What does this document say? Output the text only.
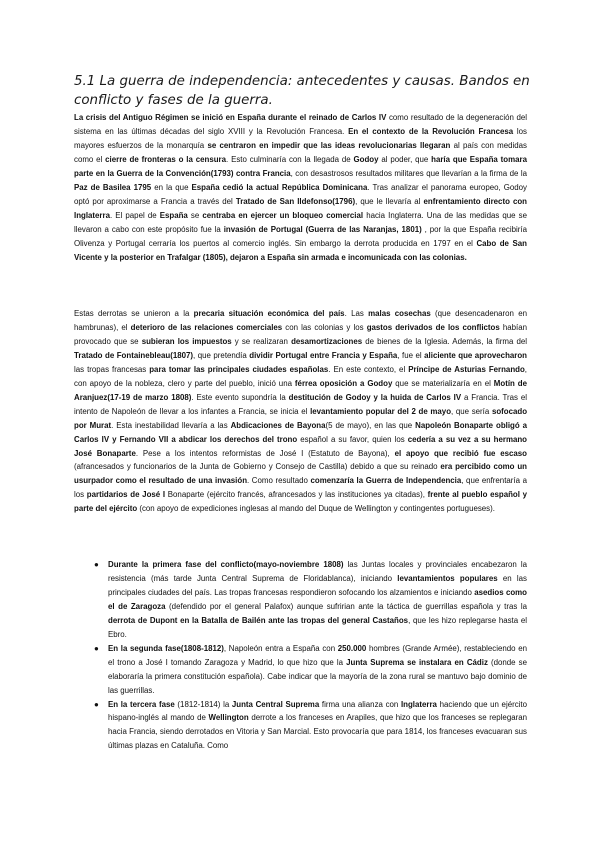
5.1 La guerra de independencia: antecedentes y causas. Bandos en conflicto y fases de la guerra.

La crisis del Antiguo Régimen se inició en España durante el reinado de Carlos IV como resultado de la degeneración del sistema en las últimas décadas del siglo XVIII y la Revolución Francesa. En el contexto de la Revolución Francesa los mayores esfuerzos de la monarquía se centraron en impedir que las ideas revolucionarias llegaran al país con medidas como el cierre de fronteras o la censura. Esto culminaría con la llegada de Godoy al poder, que haría que España tomara parte en la Guerra de la Convención(1793) contra Francia, con desastrosos resultados militares que llevarían a la firma de la Paz de Basilea 1795 en la que España cedió la actual República Dominicana. Tras analizar el panorama europeo, Godoy optó por aproximarse a Francia a través del Tratado de San Ildefonso(1796), que le llevaría al enfrentamiento directo con Inglaterra. El papel de España se centraba en ejercer un bloqueo comercial hacia Inglaterra. Una de las medidas que se llevaron a cabo con este propósito fue la invasión de Portugal (Guerra de las Naranjas, 1801) , por la que España recibiría Olivenza y Portugal cerraría los puertos al comercio inglés. Sin embargo la derrota producida en 1797 en el Cabo de San Vicente y la posterior en Trafalgar (1805), dejaron a España sin armada e incomunicada con las colonias.

Estas derrotas se unieron a la precaria situación económica del país. Las malas cosechas (que desencadenaron en hambrunas), el deterioro de las relaciones comerciales con las colonias y los gastos derivados de los conflictos habían provocado que se subieran los impuestos y se realizaran desamortizaciones de bienes de la Iglesia. Además, la firma del Tratado de Fontainebleau(1807), que pretendía dividir Portugal entre Francia y España, fue el aliciente que aprovecharon las tropas francesas para tomar las principales ciudades españolas. En este contexto, el Príncipe de Asturias Fernando, con apoyo de la nobleza, clero y parte del pueblo, inició una férrea oposición a Godoy que se materializaría en el Motín de Aranjuez(17-19 de marzo 1808). Este evento supondría la destitución de Godoy y la huida de Carlos IV a Francia. Tras el intento de Napoleón de llevar a los infantes a Francia, se inicia el levantamiento popular del 2 de mayo, que sería sofocado por Murat. Esta inestabilidad llevaría a las Abdicaciones de Bayona(5 de mayo), en las que Napoleón Bonaparte obligó a Carlos IV y Fernando VII a abdicar los derechos del trono español a su favor, quien los cedería a su vez a su hermano José Bonaparte. Pese a los intentos reformistas de José I (Estatuto de Bayona), el apoyo que recibió fue escaso (afrancesados y funcionarios de la Junta de Gobierno y Consejo de Castilla) debido a que su reinado era percibido como un usurpador como el resultado de una invasión. Como resultado comenzaría la Guerra de Independencia, que enfrentaría a los partidarios de José I Bonaparte (ejército francés, afrancesados y las instituciones ya citadas), frente al pueblo español y parte del ejército (con apoyo de expediciones inglesas al mando del Duque de Wellington y contingentes portugueses).

● Durante la primera fase del conflicto(mayo-noviembre 1808) las Juntas locales y provinciales encabezaron la resistencia (más tarde Junta Central Suprema de Floridablanca), iniciando levantamientos populares en las principales ciudades del país. Las tropas francesas respondieron sofocando los alzamientos e iniciando asedios como el de Zaragoza (defendido por el general Palafox) aunque sufririan ante la táctica de guerrillas española y tras la derrota de Dupont en la Batalla de Bailén ante las tropas del general Castaños, que les hizo replegarse hasta el Ebro.
● En la segunda fase(1808-1812), Napoleón entra a España con 250.000 hombres (Grande Armée), restableciendo en el trono a José I tomando Zaragoza y Madrid, lo que hizo que la Junta Suprema se instalara en Cádiz (donde se elaboraría la primera constitución española). Cabe indicar que la mayoría de la zona rural se mantuvo bajo dominio de las guerrillas.
● En la tercera fase (1812-1814) la Junta Central Suprema firma una alianza con Inglaterra haciendo que un ejército hispano-inglés al mando de Wellington derrote a los franceses en Arapiles, que hizo que los franceses se replegaran hacia Francia, siendo derrotados en Vitoria y San Marcial. Esto provocaría que para 1814, los franceses evacuaran sus últimas plazas en Cataluña. Como
